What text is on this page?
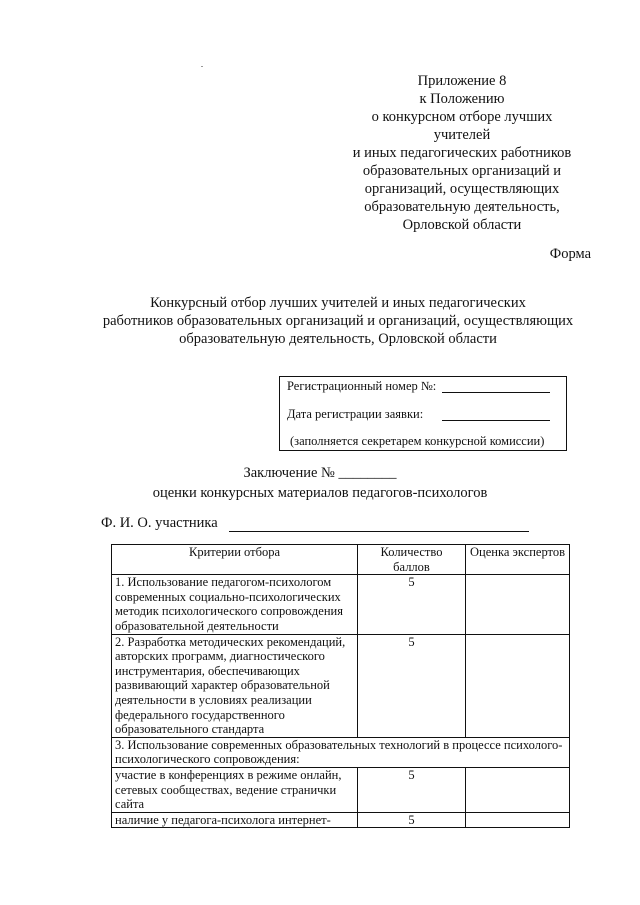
Приложение 8
к Положению
о конкурсном отборе лучших
учителей
и иных педагогических работников
образовательных организаций и
организаций, осуществляющих
образовательную деятельность,
Орловской области
Форма
Конкурсный отбор лучших учителей и иных педагогических
работников образовательных организаций и организаций, осуществляющих
образовательную деятельность, Орловской области
Регистрационный номер №:
Дата регистрации заявки:
(заполняется секретарем конкурсной комиссии)
Заключение № ________
оценки конкурсных материалов педагогов-психологов
Ф. И. О. участника
Критерии отбора	Количество баллов	Оценка экспертов
1. Использование педагогом-психологом современных социально-психологических методик психологического сопровождения образовательной деятельности	5	
2. Разработка методических рекомендаций, авторских программ, диагностического инструментария, обеспечивающих развивающий характер образовательной деятельности в условиях реализации федерального государственного образовательного стандарта	5	
3. Использование современных образовательных технологий в процессе психолого-психологического сопровождения:		
участие в конференциях в режиме онлайн, сетевых сообществах, ведение странички сайта	5	
наличие у педагога-психолога интернет-	5	
